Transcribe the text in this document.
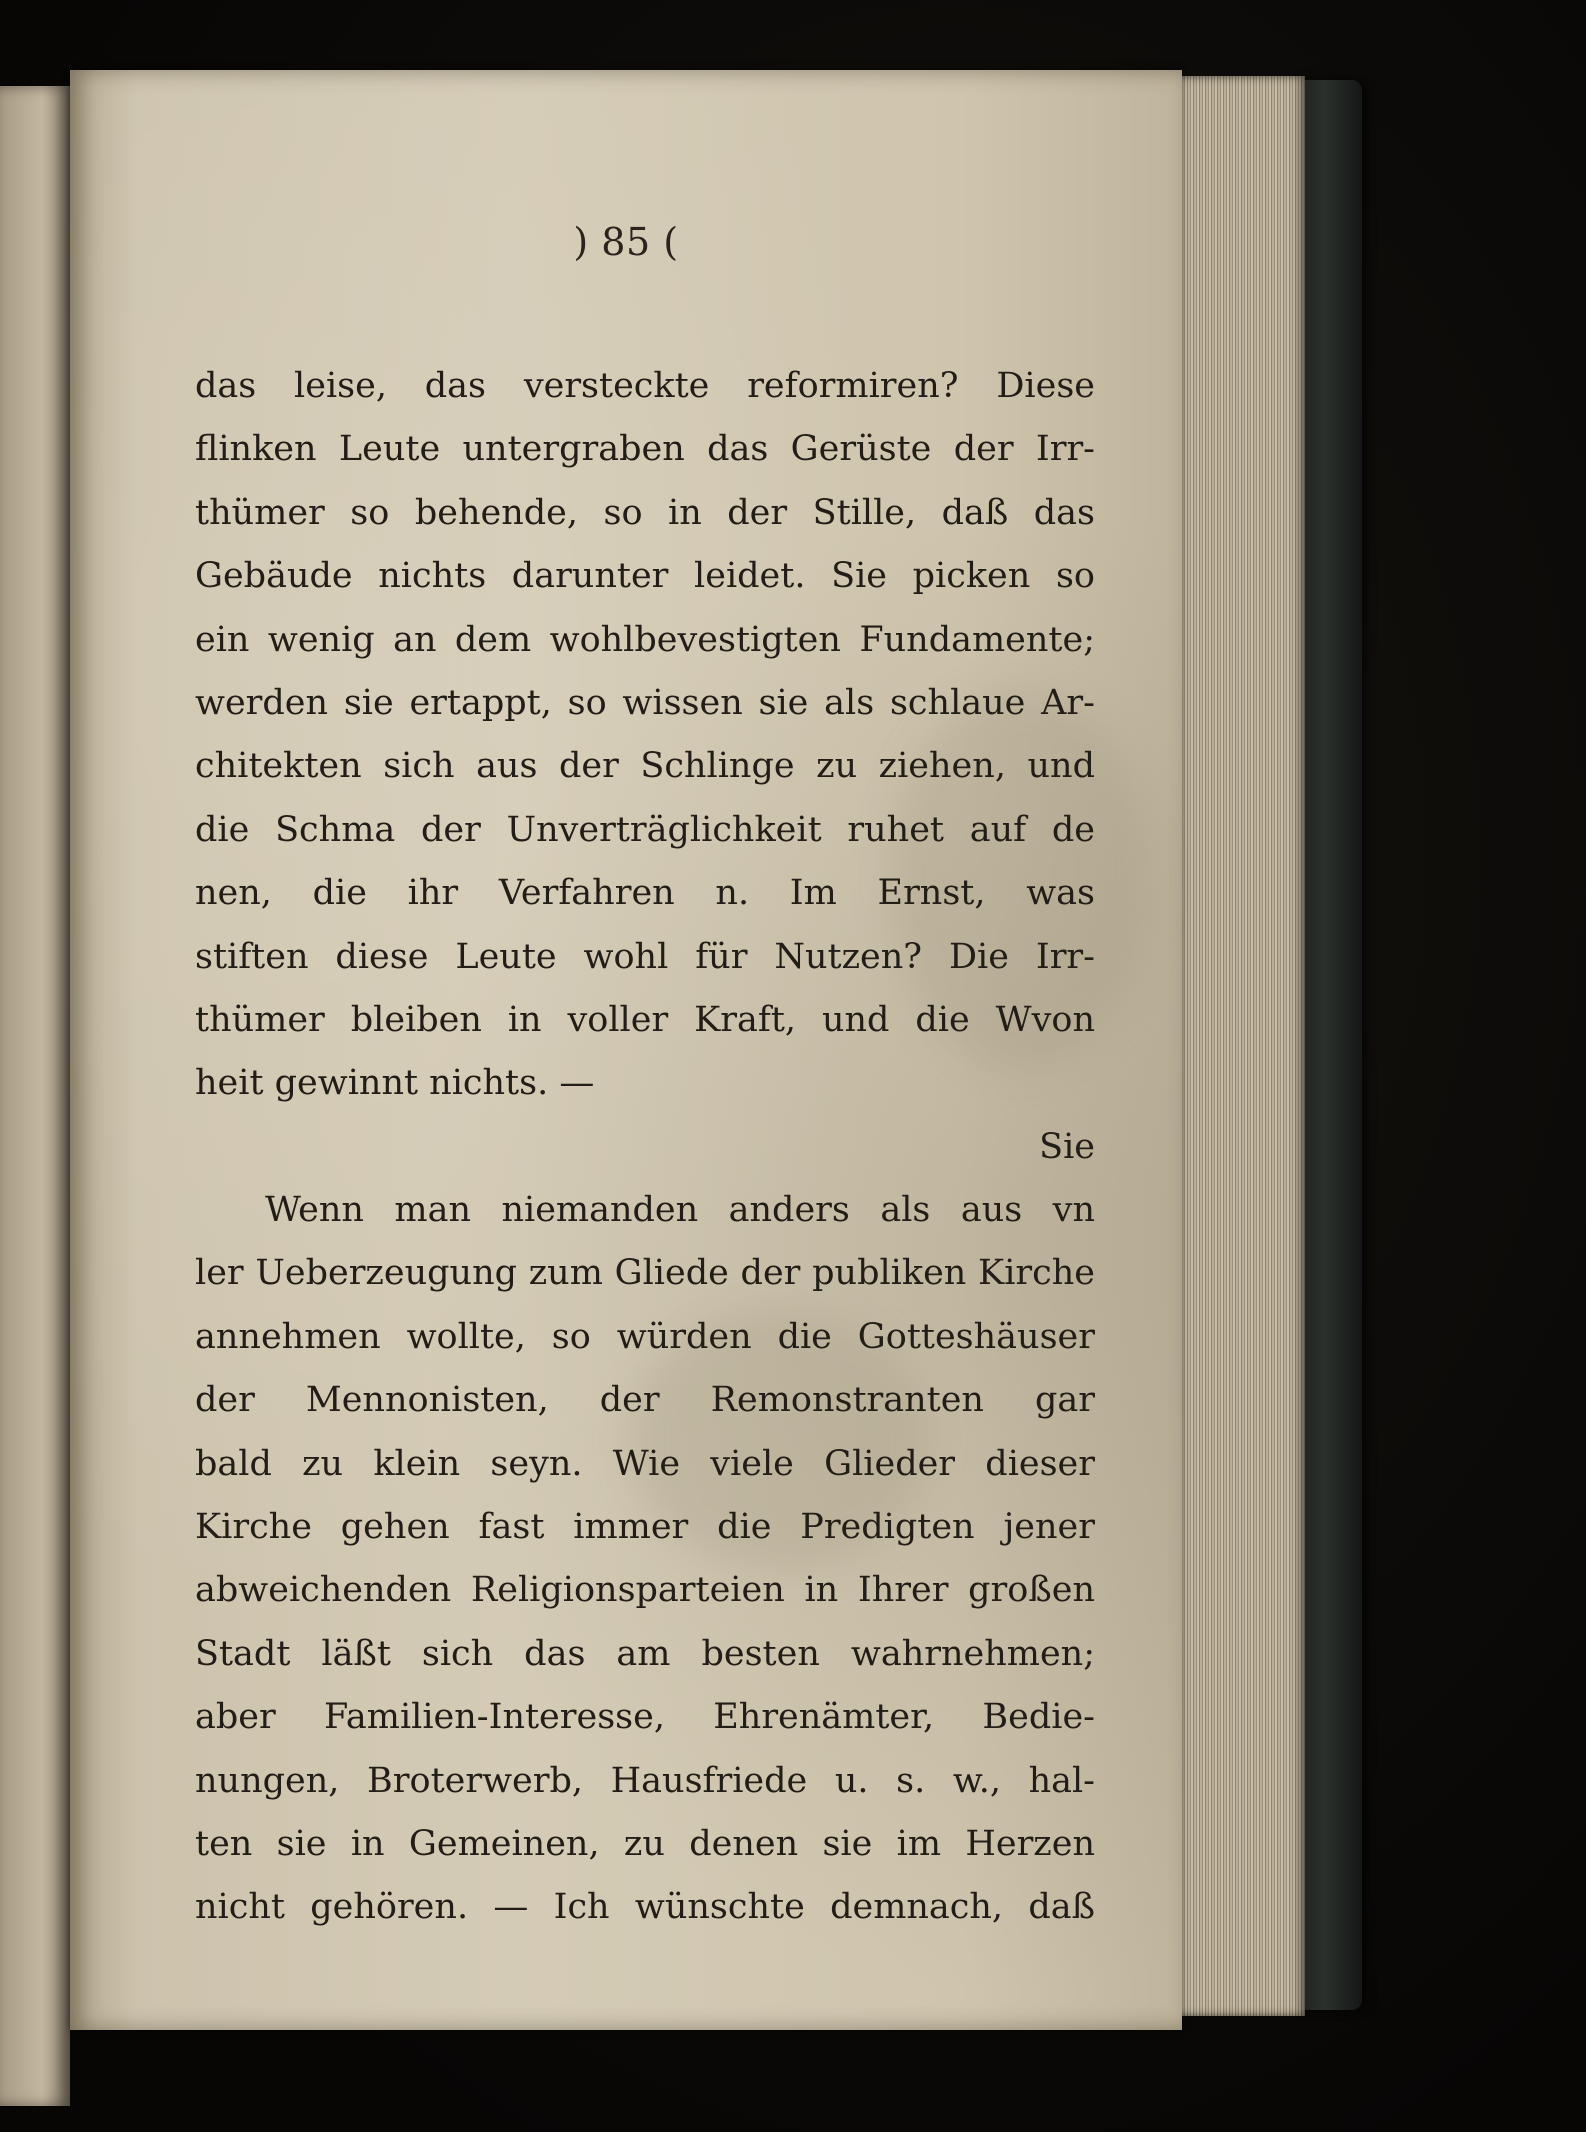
) 85 (
das leise, das versteckte reformiren? Diese
flinken Leute untergraben das Gerüste der Irr-
thümer so behende, so in der Stille, daß das
Gebäude nichts darunter leidet. Sie picken so
ein wenig an dem wohlbevestigten Fundamente;
werden sie ertappt, so wissen sie als schlaue Ar-
chitekten sich aus der Schlinge zu ziehen, und
die Schma der Unverträglichkeit ruhet auf de
nen, die ihr Verfahren n. Im Ernst, was
stiften diese Leute wohl für Nutzen? Die Irr-
thümer bleiben in voller Kraft, und die Wvon
heit gewinnt nichts. —
Sie
Wenn man niemanden anders als aus vn
ler Ueberzeugung zum Gliede der publiken Kirche
annehmen wollte, so würden die Gotteshäuser
der Mennonisten, der Remonstranten gar
bald zu klein seyn. Wie viele Glieder dieser
Kirche gehen fast immer die Predigten jener
abweichenden Religionsparteien in Ihrer großen
Stadt läßt sich das am besten wahrnehmen;
aber Familien-Interesse, Ehrenämter, Bedie-
nungen, Broterwerb, Hausfriede u. s. w., hal-
ten sie in Gemeinen, zu denen sie im Herzen
nicht gehören. — Ich wünschte demnach, daß
